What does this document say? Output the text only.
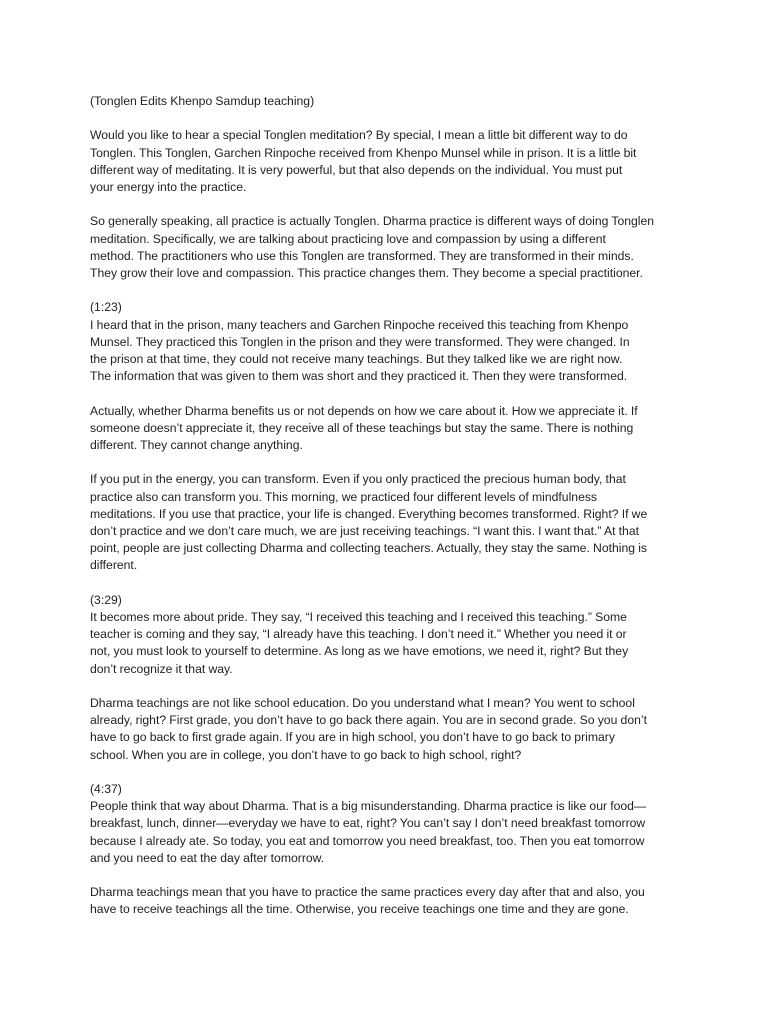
(Tonglen Edits Khenpo Samdup teaching)

Would you like to hear a special Tonglen meditation? By special, I mean a little bit different way to do
Tonglen. This Tonglen, Garchen Rinpoche received from Khenpo Munsel while in prison. It is a little bit
different way of meditating. It is very powerful, but that also depends on the individual. You must put
your energy into the practice.

So generally speaking, all practice is actually Tonglen. Dharma practice is different ways of doing Tonglen
meditation. Specifically, we are talking about practicing love and compassion by using a different
method. The practitioners who use this Tonglen are transformed. They are transformed in their minds.
They grow their love and compassion. This practice changes them. They become a special practitioner.

(1:23)
I heard that in the prison, many teachers and Garchen Rinpoche received this teaching from Khenpo
Munsel. They practiced this Tonglen in the prison and they were transformed. They were changed. In
the prison at that time, they could not receive many teachings. But they talked like we are right now.
The information that was given to them was short and they practiced it. Then they were transformed.

Actually, whether Dharma benefits us or not depends on how we care about it. How we appreciate it. If
someone doesn’t appreciate it, they receive all of these teachings but stay the same. There is nothing
different. They cannot change anything.

If you put in the energy, you can transform. Even if you only practiced the precious human body, that
practice also can transform you. This morning, we practiced four different levels of mindfulness
meditations. If you use that practice, your life is changed. Everything becomes transformed. Right? If we
don’t practice and we don’t care much, we are just receiving teachings. “I want this. I want that.” At that
point, people are just collecting Dharma and collecting teachers. Actually, they stay the same. Nothing is
different.

(3:29)
It becomes more about pride. They say, “I received this teaching and I received this teaching.” Some
teacher is coming and they say, “I already have this teaching. I don’t need it.” Whether you need it or
not, you must look to yourself to determine. As long as we have emotions, we need it, right? But they
don’t recognize it that way.

Dharma teachings are not like school education. Do you understand what I mean? You went to school
already, right? First grade, you don’t have to go back there again. You are in second grade. So you don’t
have to go back to first grade again. If you are in high school, you don’t have to go back to primary
school. When you are in college, you don’t have to go back to high school, right?

(4:37)
People think that way about Dharma. That is a big misunderstanding. Dharma practice is like our food—
breakfast, lunch, dinner—everyday we have to eat, right? You can’t say I don’t need breakfast tomorrow
because I already ate. So today, you eat and tomorrow you need breakfast, too. Then you eat tomorrow
and you need to eat the day after tomorrow.

Dharma teachings mean that you have to practice the same practices every day after that and also, you
have to receive teachings all the time. Otherwise, you receive teachings one time and they are gone.
